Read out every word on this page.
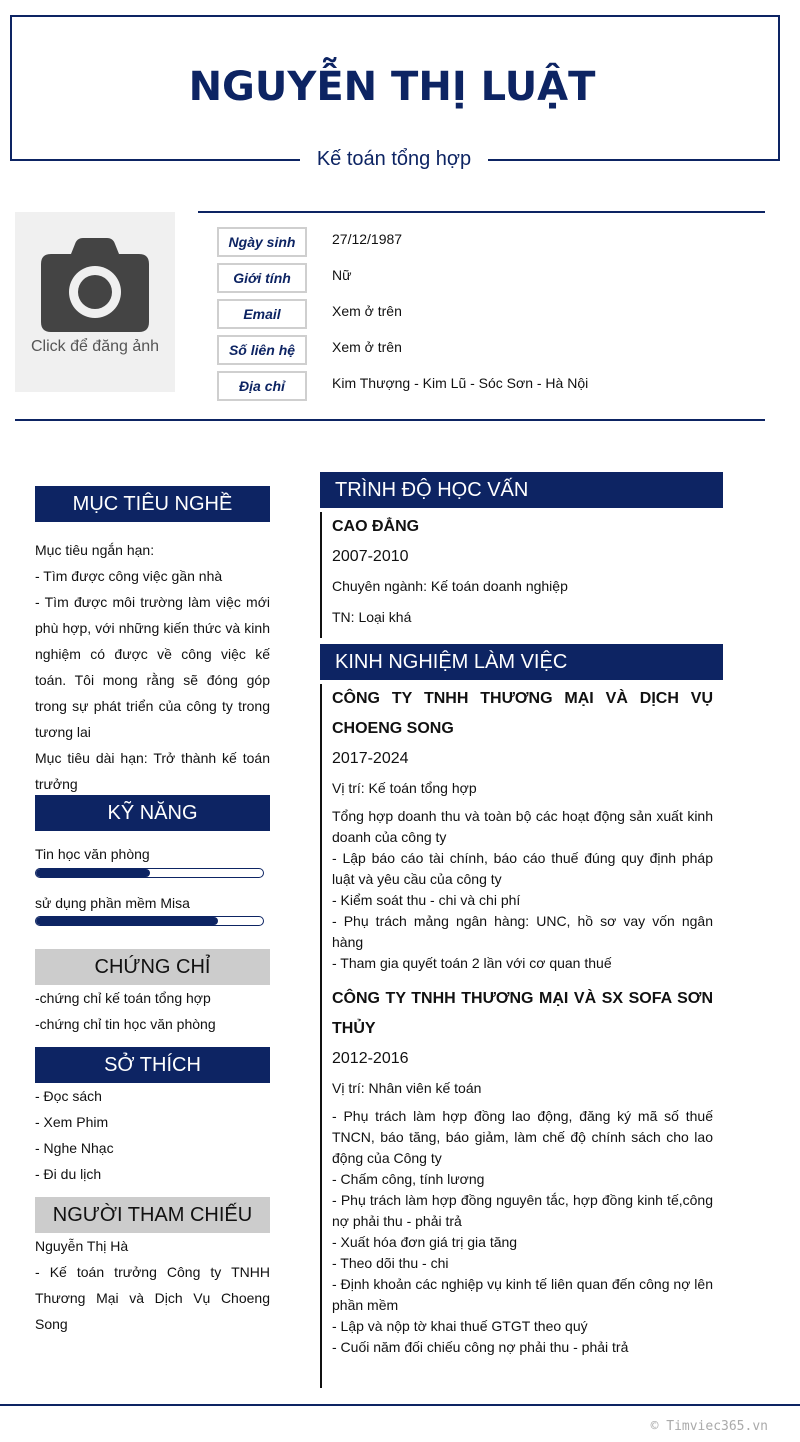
NGUYỄN THỊ LUẬT
Kế toán tổng hợp
Click để đăng ảnh
Ngày sinh	27/12/1987
Giới tính	Nữ
Email	Xem ở trên
Số liên hệ	Xem ở trên
Địa chỉ	Kim Thượng - Kim Lũ - Sóc Sơn - Hà Nội
MỤC TIÊU NGHỀ NGHIỆP
Mục tiêu ngắn hạn:
- Tìm được công việc gần nhà
- Tìm được môi trường làm việc mới phù hợp, với những kiến thức và kinh nghiệm có được về công việc kế toán. Tôi mong rằng sẽ đóng góp trong sự phát triển của công ty trong tương lai
Mục tiêu dài hạn: Trở thành kế toán trưởng
KỸ NĂNG
Tin học văn phòng
sử dụng phần mềm Misa
CHỨNG CHỈ
-chứng chỉ kế toán tổng hợp
-chứng chỉ tin học văn phòng
SỞ THÍCH
- Đọc sách
- Xem Phim
- Nghe Nhạc
- Đi du lịch
NGƯỜI THAM CHIẾU
Nguyễn Thị Hà
- Kế toán trưởng Công ty TNHH Thương Mại và Dịch Vụ Choeng Song
TRÌNH ĐỘ HỌC VẤN
CAO ĐẲNG
2007-2010
Chuyên ngành: Kế toán doanh nghiệp
TN: Loại khá
KINH NGHIỆM LÀM VIỆC
CÔNG TY TNHH THƯƠNG MẠI VÀ DỊCH VỤ CHOENG SONG
2017-2024
Vị trí: Kế toán tổng hợp
Tổng hợp doanh thu và toàn bộ các hoạt động sản xuất kinh doanh của công ty
- Lập báo cáo tài chính, báo cáo thuế đúng quy định pháp luật và yêu cầu của công ty
- Kiểm soát thu - chi và chi phí
- Phụ trách mảng ngân hàng: UNC, hồ sơ vay vốn ngân hàng
- Tham gia quyết toán 2 lần với cơ quan thuế
CÔNG TY TNHH THƯƠNG MẠI VÀ SX SOFA SƠN THỦY
2012-2016
Vị trí: Nhân viên kế toán
- Phụ trách làm hợp đồng lao động, đăng ký mã số thuế TNCN, báo tăng, báo giảm, làm chế độ chính sách cho lao động của Công ty
- Chấm công, tính lương
- Phụ trách làm hợp đồng nguyên tắc, hợp đồng kinh tế,công nợ phải thu - phải trả
- Xuất hóa đơn giá trị gia tăng
- Theo dõi thu - chi
- Định khoản các nghiệp vụ kinh tế liên quan đến công nợ lên phần mềm
- Lập và nộp tờ khai thuế GTGT theo quý
- Cuối năm đối chiếu công nợ phải thu - phải trả
© Timviec365.vn
